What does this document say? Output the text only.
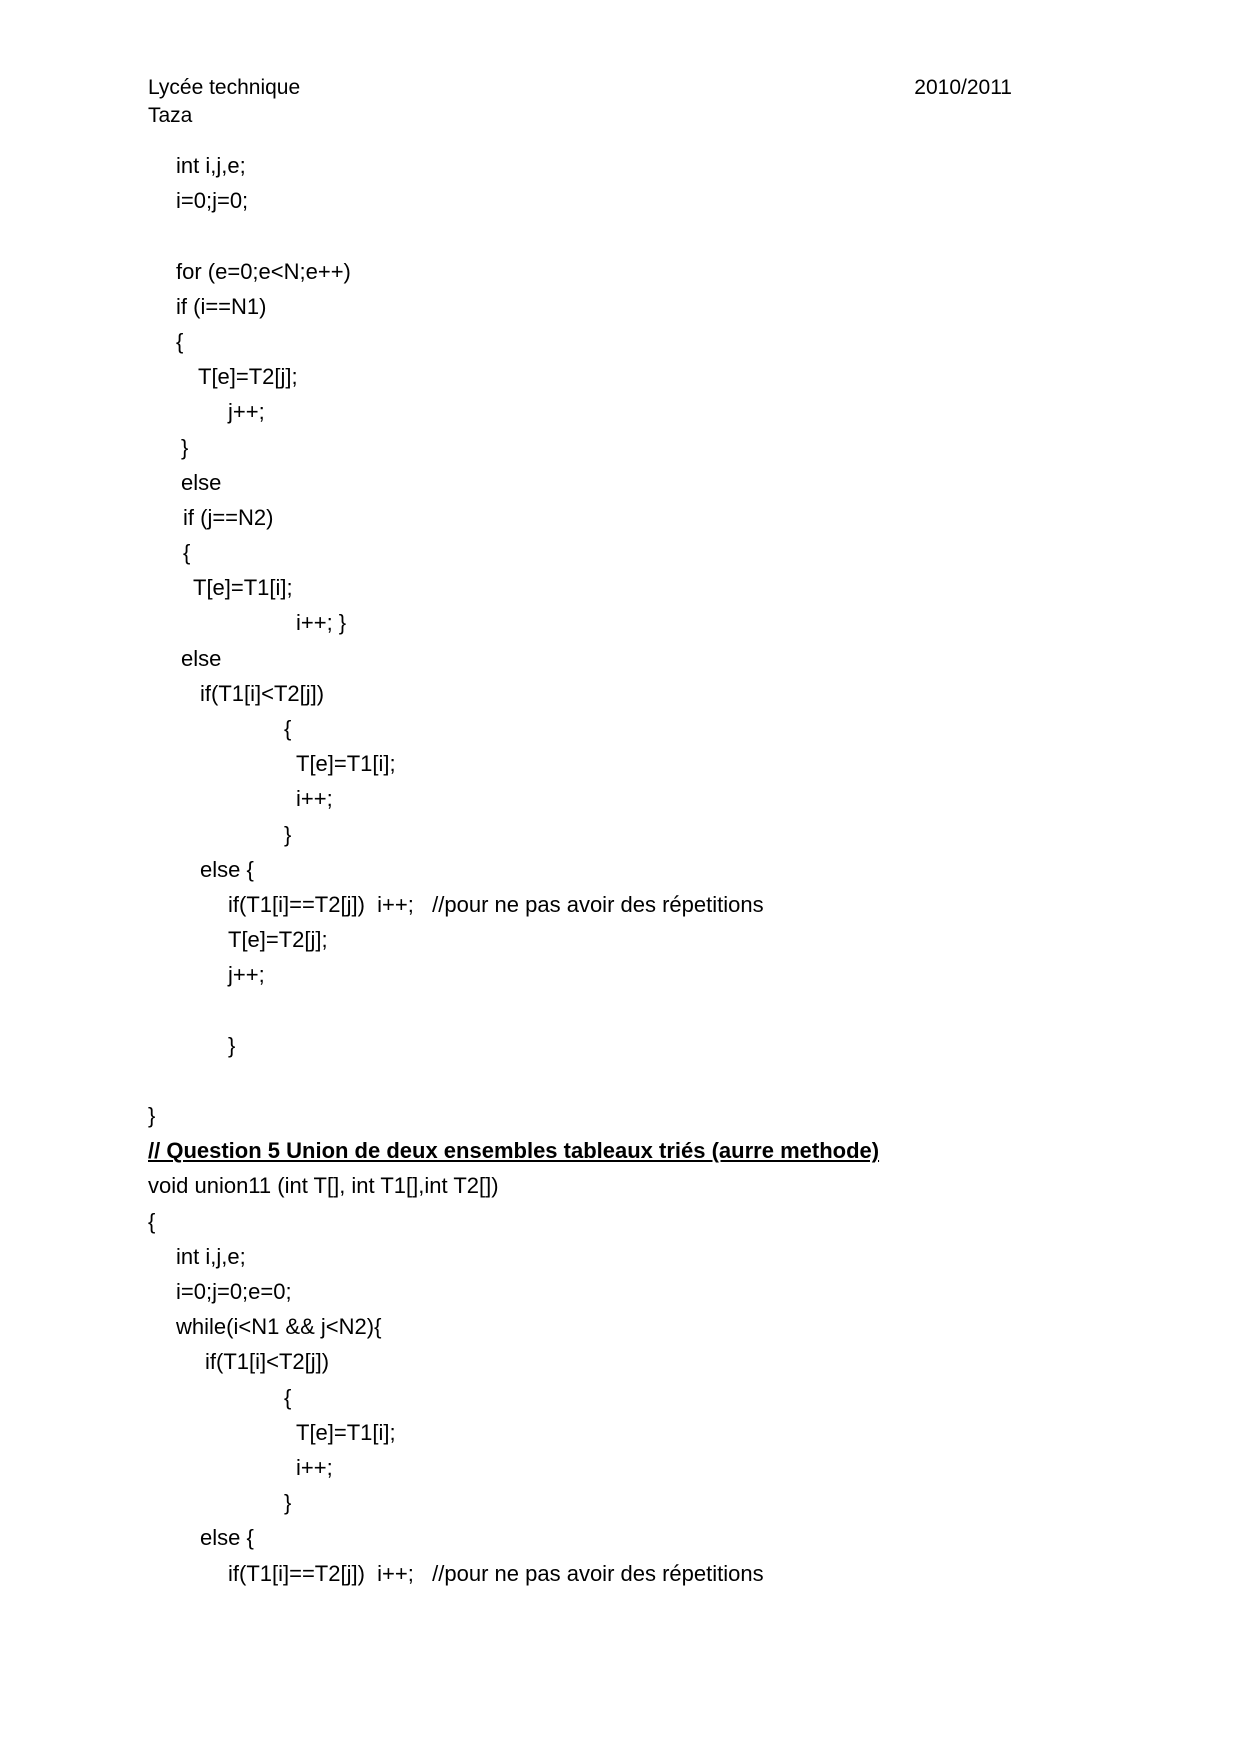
Lycée technique
Taza
2010/2011
int i,j,e;
i=0;j=0;
for (e=0;e<N;e++)
if (i==N1)
{
T[e]=T2[j];
j++;
}
else
if (j==N2)
{
T[e]=T1[i];
i++; }
else
if(T1[i]<T2[j])
{
T[e]=T1[i];
i++;
}
else {
if(T1[i]==T2[j])  i++;   //pour ne pas avoir des répetitions
T[e]=T2[j];
j++;
}
}
// Question 5 Union de deux ensembles tableaux triés (aurre methode)
void union11 (int T[], int T1[],int T2[])
{
int i,j,e;
i=0;j=0;e=0;
while(i<N1 && j<N2){
if(T1[i]<T2[j])
{
T[e]=T1[i];
i++;
}
else {
if(T1[i]==T2[j])  i++;   //pour ne pas avoir des répetitions
